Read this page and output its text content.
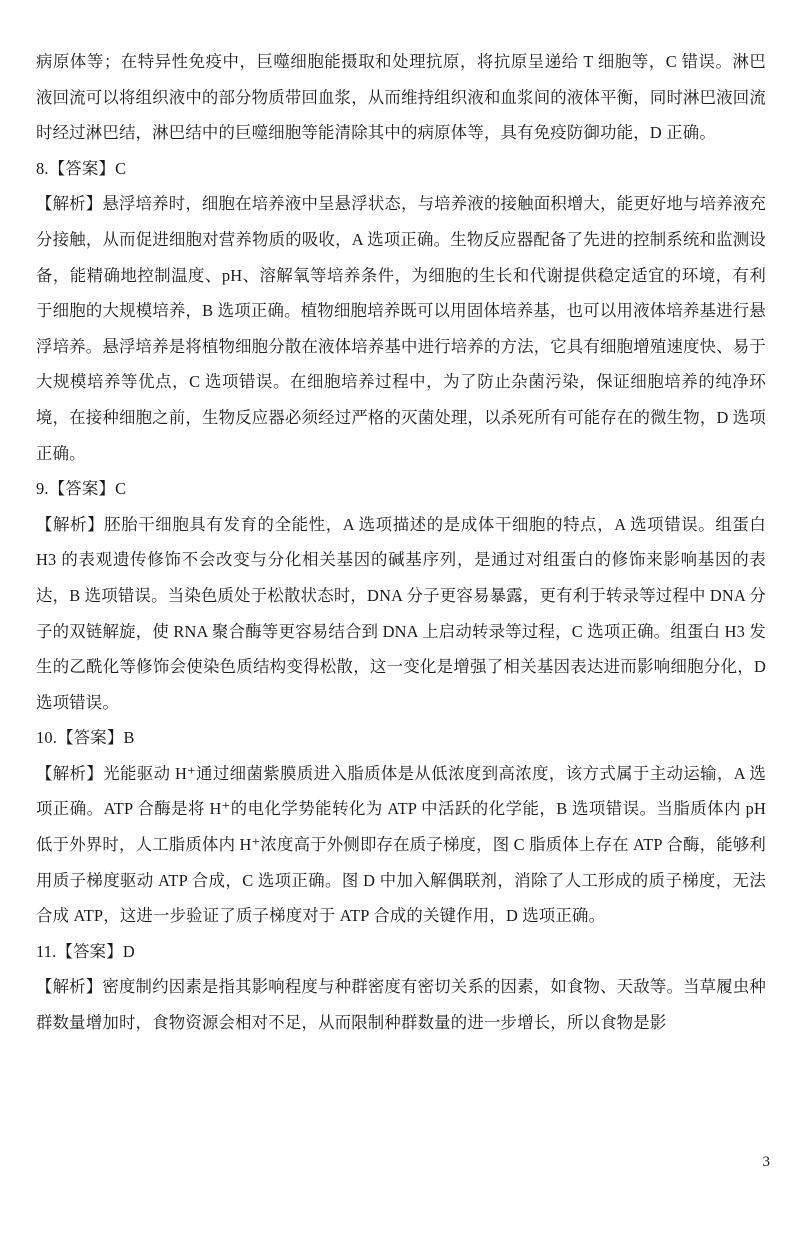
病原体等；在特异性免疫中，巨噬细胞能摄取和处理抗原，将抗原呈递给 T 细胞等，C 错误。淋巴液回流可以将组织液中的部分物质带回血浆，从而维持组织液和血浆间的液体平衡，同时淋巴液回流时经过淋巴结，淋巴结中的巨噬细胞等能清除其中的病原体等，具有免疫防御功能，D 正确。

8.【答案】C

【解析】悬浮培养时，细胞在培养液中呈悬浮状态，与培养液的接触面积增大，能更好地与培养液充分接触，从而促进细胞对营养物质的吸收，A 选项正确。生物反应器配备了先进的控制系统和监测设备，能精确地控制温度、pH、溶解氧等培养条件，为细胞的生长和代谢提供稳定适宜的环境，有利于细胞的大规模培养，B 选项正确。植物细胞培养既可以用固体培养基，也可以用液体培养基进行悬浮培养。悬浮培养是将植物细胞分散在液体培养基中进行培养的方法，它具有细胞增殖速度快、易于大规模培养等优点，C 选项错误。在细胞培养过程中，为了防止杂菌污染，保证细胞培养的纯净环境，在接种细胞之前，生物反应器必须经过严格的灭菌处理，以杀死所有可能存在的微生物，D 选项正确。

9.【答案】C

【解析】胚胎干细胞具有发育的全能性，A 选项描述的是成体干细胞的特点，A 选项错误。组蛋白 H3 的表观遗传修饰不会改变与分化相关基因的碱基序列，是通过对组蛋白的修饰来影响基因的表达，B 选项错误。当染色质处于松散状态时，DNA 分子更容易暴露，更有利于转录等过程中 DNA 分子的双链解旋，使 RNA 聚合酶等更容易结合到 DNA 上启动转录等过程，C 选项正确。组蛋白 H3 发生的乙酰化等修饰会使染色质结构变得松散，这一变化是增强了相关基因表达进而影响细胞分化，D 选项错误。

10.【答案】B

【解析】光能驱动 H⁺通过细菌紫膜质进入脂质体是从低浓度到高浓度，该方式属于主动运输，A 选项正确。ATP 合酶是将 H⁺的电化学势能转化为 ATP 中活跃的化学能，B 选项错误。当脂质体内 pH 低于外界时，人工脂质体内 H⁺浓度高于外侧即存在质子梯度，图 C 脂质体上存在 ATP 合酶，能够利用质子梯度驱动 ATP 合成，C 选项正确。图 D 中加入解偶联剂，消除了人工形成的质子梯度，无法合成 ATP，这进一步验证了质子梯度对于 ATP 合成的关键作用，D 选项正确。

11.【答案】D

【解析】密度制约因素是指其影响程度与种群密度有密切关系的因素，如食物、天敌等。当草履虫种群数量增加时，食物资源会相对不足，从而限制种群数量的进一步增长，所以食物是影

3
